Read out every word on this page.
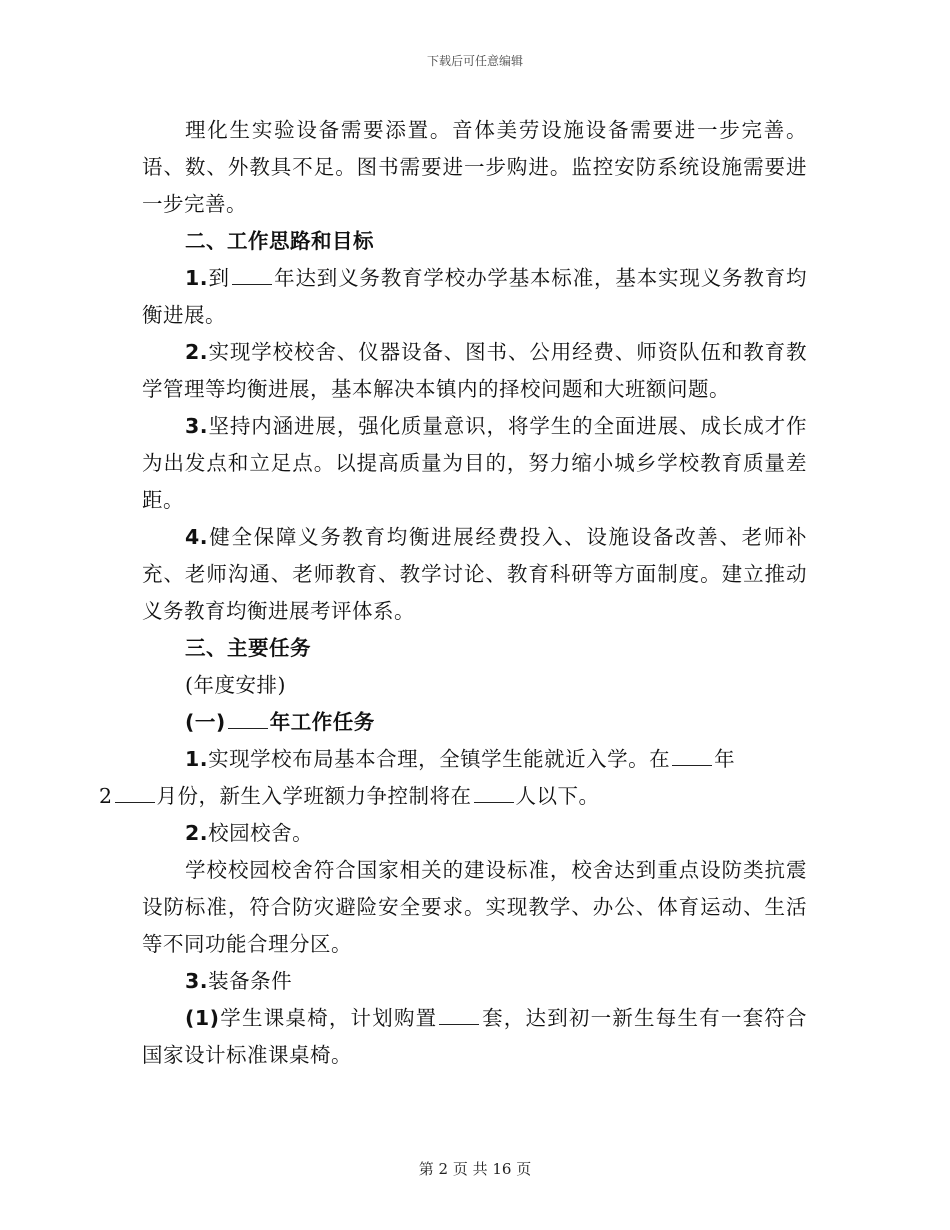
下载后可任意编辑

理化生实验设备需要添置。音体美劳设施设备需要进一步完善。语、数、外教具不足。图书需要进一步购进。监控安防系统设施需要进一步完善。

二、工作思路和目标

1.到 年达到义务教育学校办学基本标准，基本实现义务教育均衡进展。

2.实现学校校舍、仪器设备、图书、公用经费、师资队伍和教育教学管理等均衡进展，基本解决本镇内的择校问题和大班额问题。

3.坚持内涵进展，强化质量意识，将学生的全面进展、成长成才作为出发点和立足点。以提高质量为目的，努力缩小城乡学校教育质量差距。

4.健全保障义务教育均衡进展经费投入、设施设备改善、老师补充、老师沟通、老师教育、教学讨论、教育科研等方面制度。建立推动义务教育均衡进展考评体系。

三、主要任务

(年度安排)

(一) 年工作任务

1.实现学校布局基本合理，全镇学生能就近入学。在 年
2 月份，新生入学班额力争控制将在 人以下。

2.校园校舍。

学校校园校舍符合国家相关的建设标准，校舍达到重点设防类抗震设防标准，符合防灾避险安全要求。实现教学、办公、体育运动、生活等不同功能合理分区。

3.装备条件

(1)学生课桌椅，计划购置 套，达到初一新生每生有一套符合国家设计标准课桌椅。

第 2 页 共 16 页
